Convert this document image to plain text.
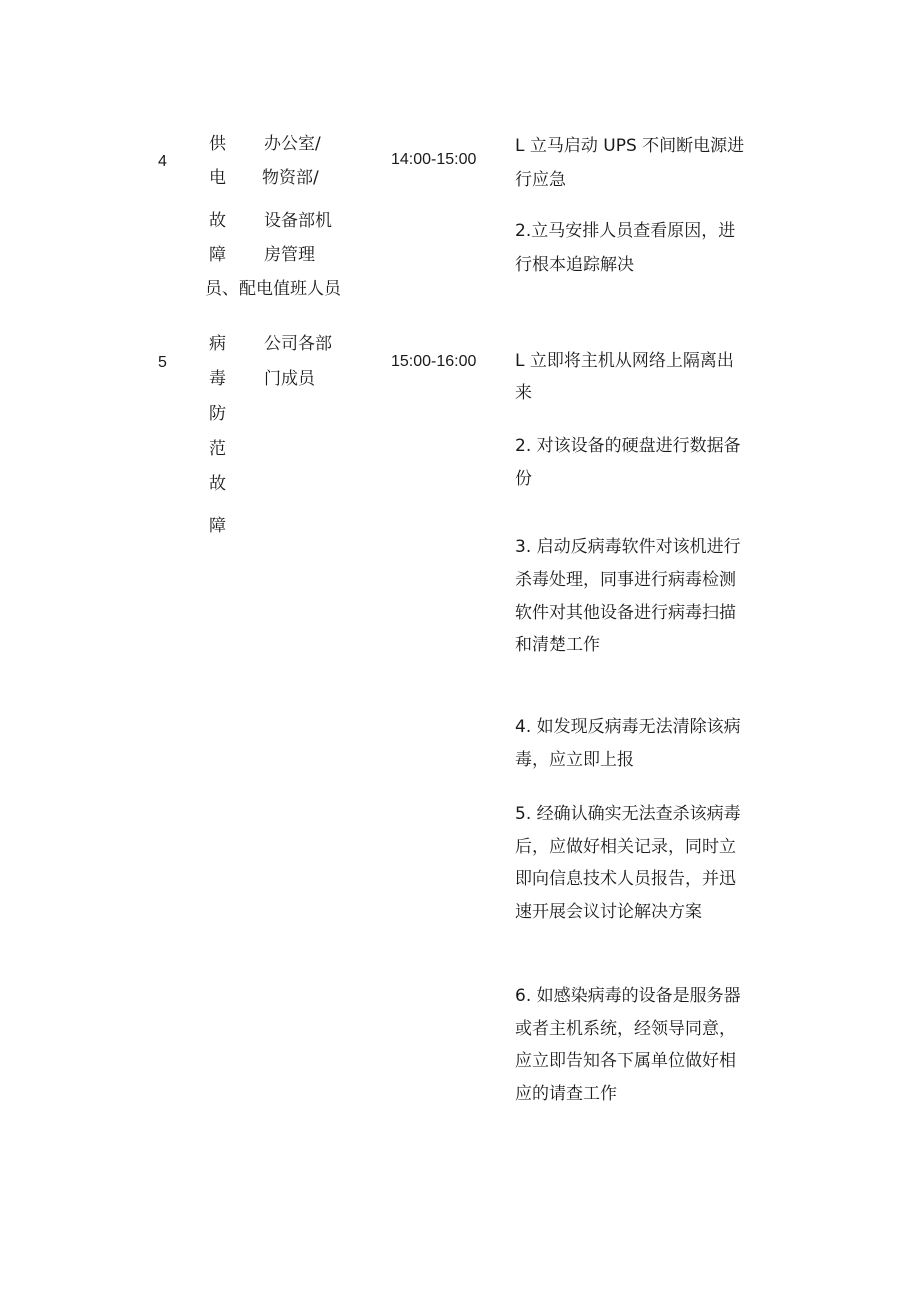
4

供

电

故

障

办公室/

物资部/

设备部机

房管理

员、配电值班人员

14:00-15:00

L 立马启动 UPS 不间断电源进

行应急

2.立马安排人员查看原因，进

行根本追踪解决

5

病

毒

防

范

故

障

公司各部

门成员

15:00-16:00 L 立即将主机从网络上隔离出

来

2. 对该设备的硬盘进行数据备

份

3. 启动反病毒软件对该机进行

杀毒处理，同事进行病毒检测

软件对其他设备进行病毒扫描

和清楚工作

4. 如发现反病毒无法清除该病

毒，应立即上报

5. 经确认确实无法查杀该病毒

后，应做好相关记录，同时立

即向信息技术人员报告，并迅

速开展会议讨论解决方案

6. 如感染病毒的设备是服务器

或者主机系统，经领导同意，

应立即告知各下属单位做好相

应的请查工作
